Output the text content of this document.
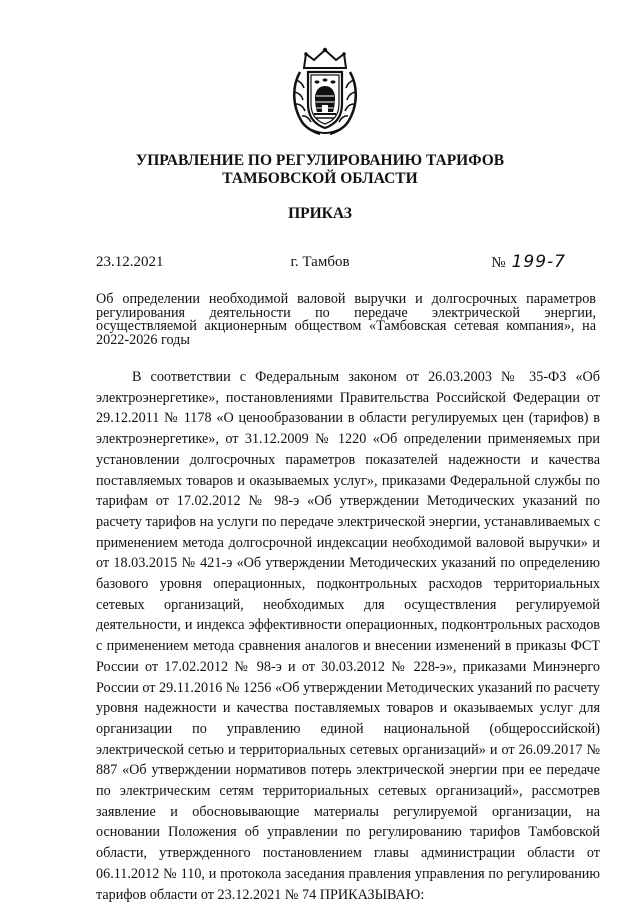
УПРАВЛЕНИЕ ПО РЕГУЛИРОВАНИЮ ТАРИФОВ
ТАМБОВСКОЙ ОБЛАСТИ
ПРИКАЗ
23.12.2021	г. Тамбов	№ 199-7
Об определении необходимой валовой выручки и долгосрочных параметров регулирования деятельности по передаче электрической энергии, осуществляемой акционерным обществом «Тамбовская сетевая компания», на 2022-2026 годы
В соответствии с Федеральным законом от 26.03.2003 № 35-ФЗ «Об электроэнергетике», постановлениями Правительства Российской Федерации от 29.12.2011 № 1178 «О ценообразовании в области регулируемых цен (тарифов) в электроэнергетике», от 31.12.2009 № 1220 «Об определении применяемых при установлении долгосрочных параметров показателей надежности и качества поставляемых товаров и оказываемых услуг», приказами Федеральной службы по тарифам от 17.02.2012 № 98-э «Об утверждении Методических указаний по расчету тарифов на услуги по передаче электрической энергии, устанавливаемых с применением метода долгосрочной индексации необходимой валовой выручки» и от 18.03.2015 № 421-э «Об утверждении Методических указаний по определению базового уровня операционных, подконтрольных расходов территориальных сетевых организаций, необходимых для осуществления регулируемой деятельности, и индекса эффективности операционных, подконтрольных расходов с применением метода сравнения аналогов и внесении изменений в приказы ФСТ России от 17.02.2012 № 98-э и от 30.03.2012 № 228-э», приказами Минэнерго России от 29.11.2016 № 1256 «Об утверждении Методических указаний по расчету уровня надежности и качества поставляемых товаров и оказываемых услуг для организации по управлению единой национальной (общероссийской) электрической сетью и территориальных сетевых организаций» и от 26.09.2017 № 887 «Об утверждении нормативов потерь электрической энергии при ее передаче по электрическим сетям территориальных сетевых организаций», рассмотрев заявление и обосновывающие материалы регулируемой организации, на основании Положения об управлении по регулированию тарифов Тамбовской области, утвержденного постановлением главы администрации области от 06.11.2012 № 110, и протокола заседания правления управления по регулированию тарифов области от 23.12.2021 № 74 ПРИКАЗЫВАЮ:
